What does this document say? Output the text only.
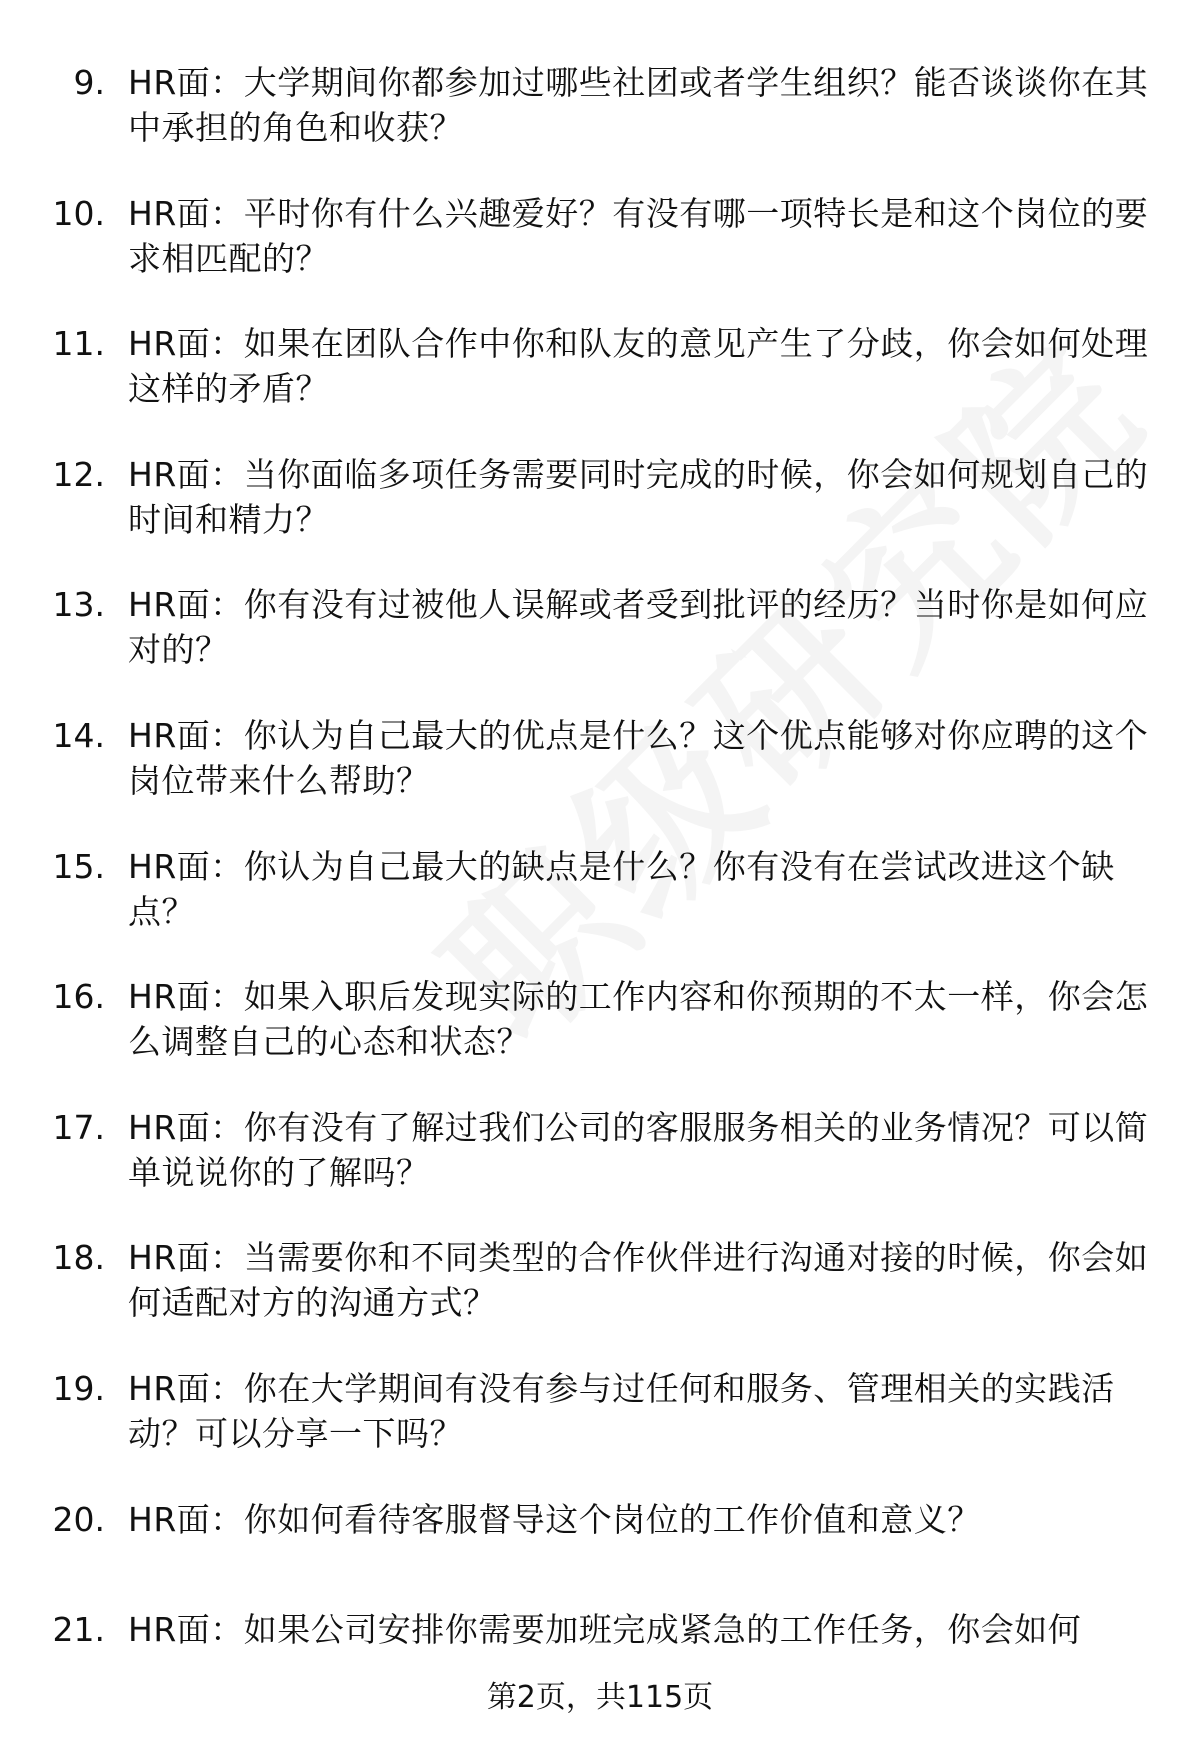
9. HR面：大学期间你都参加过哪些社团或者学生组织？能否谈谈你在其中承担的角色和收获？
10. HR面：平时你有什么兴趣爱好？有没有哪一项特长是和这个岗位的要求相匹配的？
11. HR面：如果在团队合作中你和队友的意见产生了分歧，你会如何处理这样的矛盾？
12. HR面：当你面临多项任务需要同时完成的时候，你会如何规划自己的时间和精力？
13. HR面：你有没有过被他人误解或者受到批评的经历？当时你是如何应对的？
14. HR面：你认为自己最大的优点是什么？这个优点能够对你应聘的这个岗位带来什么帮助？
15. HR面：你认为自己最大的缺点是什么？你有没有在尝试改进这个缺点？
16. HR面：如果入职后发现实际的工作内容和你预期的不太一样，你会怎么调整自己的心态和状态？
17. HR面：你有没有了解过我们公司的客服服务相关的业务情况？可以简单说说你的了解吗？
18. HR面：当需要你和不同类型的合作伙伴进行沟通对接的时候，你会如何适配对方的沟通方式？
19. HR面：你在大学期间有没有参与过任何和服务、管理相关的实践活动？可以分享一下吗？
20. HR面：你如何看待客服督导这个岗位的工作价值和意义？
21. HR面：如果公司安排你需要加班完成紧急的工作任务，你会如何
第2页，共115页
